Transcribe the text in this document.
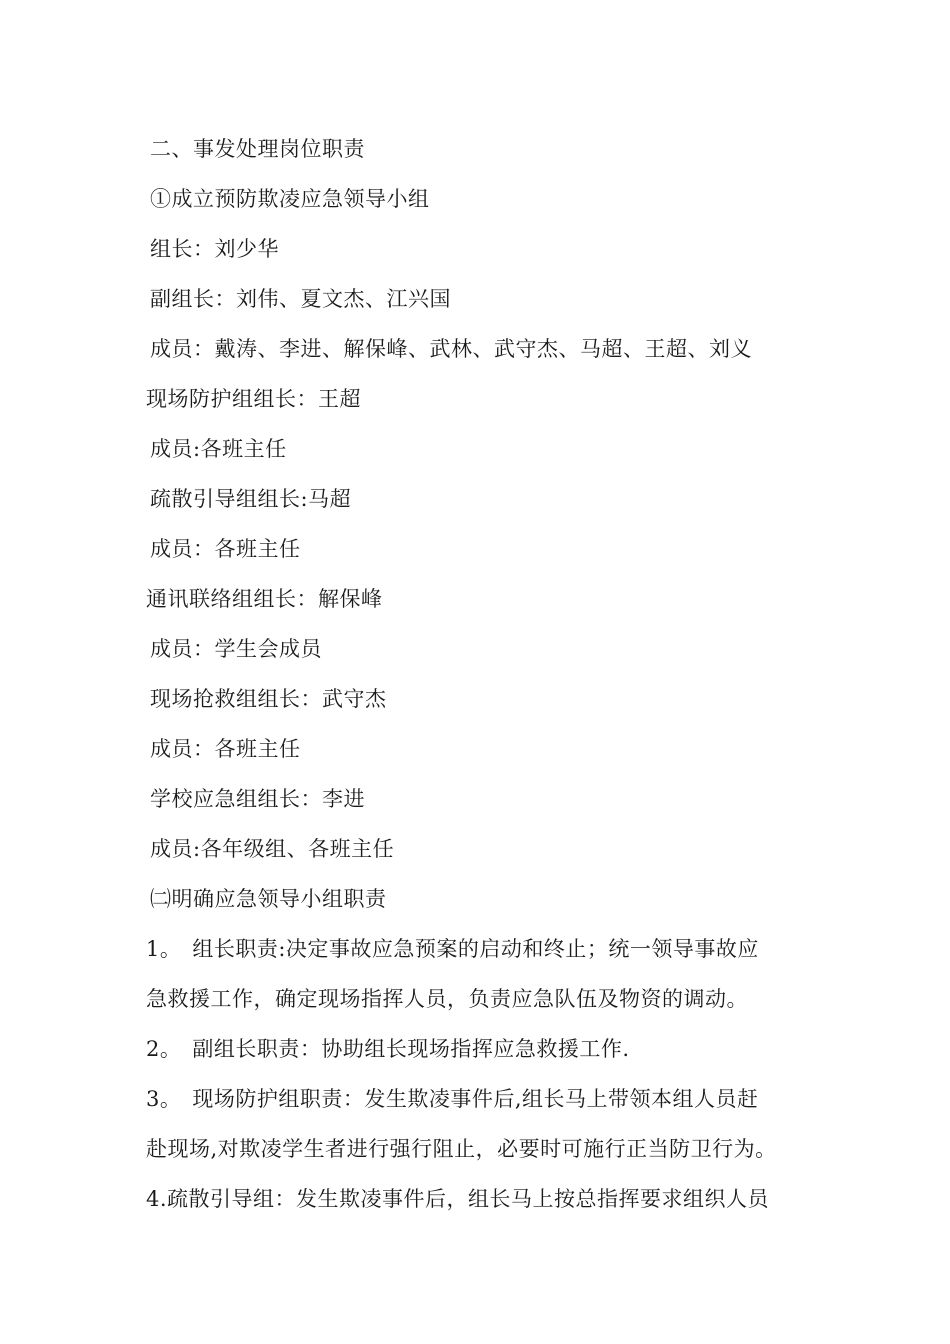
二、事发处理岗位职责
①成立预防欺凌应急领导小组
组长：刘少华
副组长：刘伟、夏文杰、江兴国
成员：戴涛、李进、解保峰、武林、武守杰、马超、王超、刘义
现场防护组组长：王超
成员:各班主任
疏散引导组组长:马超
成员：各班主任
通讯联络组组长：解保峰
成员：学生会成员
现场抢救组组长：武守杰
成员：各班主任
学校应急组组长：李进
成员:各年级组、各班主任
㈡明确应急领导小组职责
1。　组长职责:决定事故应急预案的启动和终止；统一领导事故应
急救援工作，确定现场指挥人员，负责应急队伍及物资的调动。
2。　副组长职责：协助组长现场指挥应急救援工作.
3。　现场防护组职责：发生欺凌事件后,组长马上带领本组人员赶
赴现场,对欺凌学生者进行强行阻止，必要时可施行正当防卫行为。
4.疏散引导组：发生欺凌事件后，组长马上按总指挥要求组织人员
